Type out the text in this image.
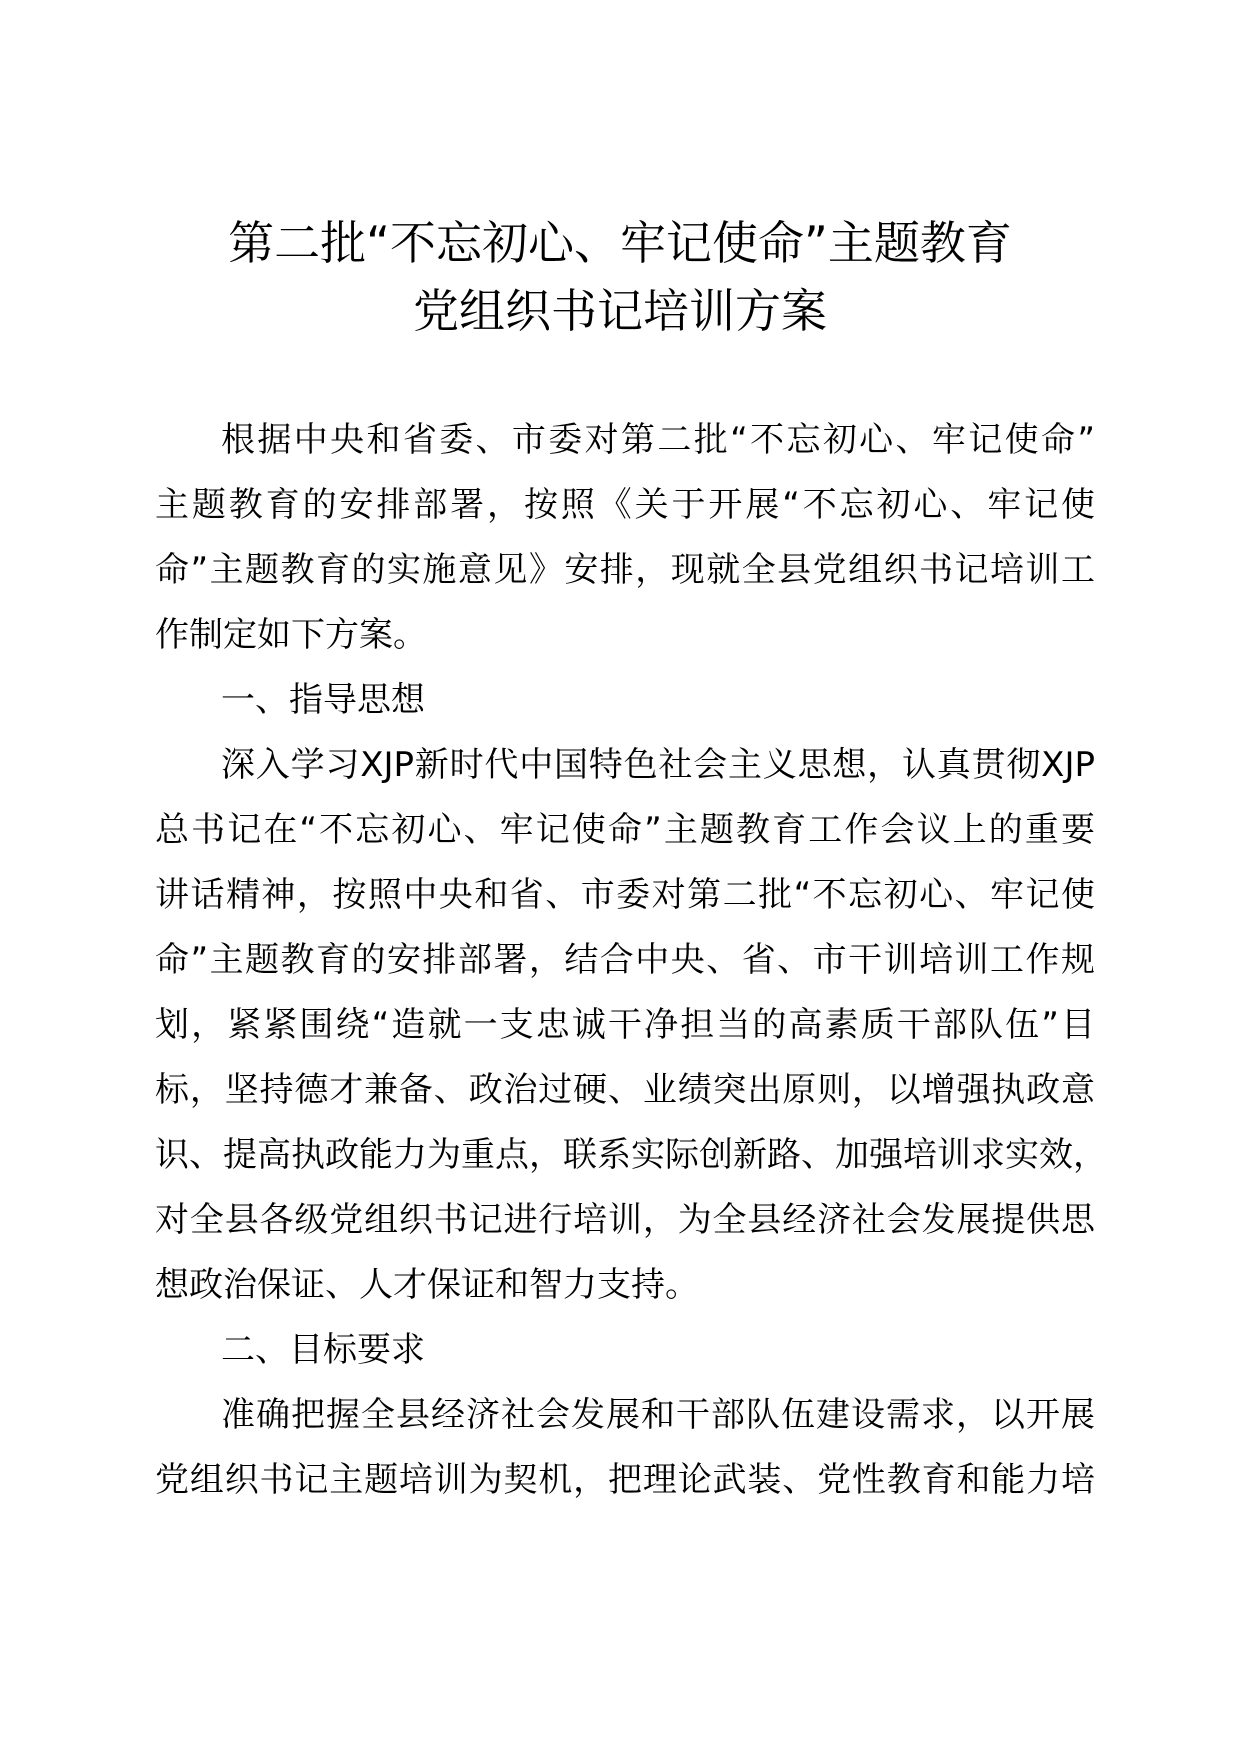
第二批“不忘初心、牢记使命”主题教育
党组织书记培训方案
根据中央和省委、市委对第二批“不忘初心、牢记使命”
主题教育的安排部署，按照《关于开展“不忘初心、牢记使
命”主题教育的实施意见》安排，现就全县党组织书记培训工
作制定如下方案。
一、指导思想
深入学习XJP新时代中国特色社会主义思想，认真贯彻XJP
总书记在“不忘初心、牢记使命”主题教育工作会议上的重要
讲话精神，按照中央和省、市委对第二批“不忘初心、牢记使
命”主题教育的安排部署，结合中央、省、市干训培训工作规
划，紧紧围绕“造就一支忠诚干净担当的高素质干部队伍”目
标，坚持德才兼备、政治过硬、业绩突出原则，以增强执政意
识、提高执政能力为重点，联系实际创新路、加强培训求实效，
对全县各级党组织书记进行培训，为全县经济社会发展提供思
想政治保证、人才保证和智力支持。
二、目标要求
准确把握全县经济社会发展和干部队伍建设需求，以开展
党组织书记主题培训为契机，把理论武装、党性教育和能力培
